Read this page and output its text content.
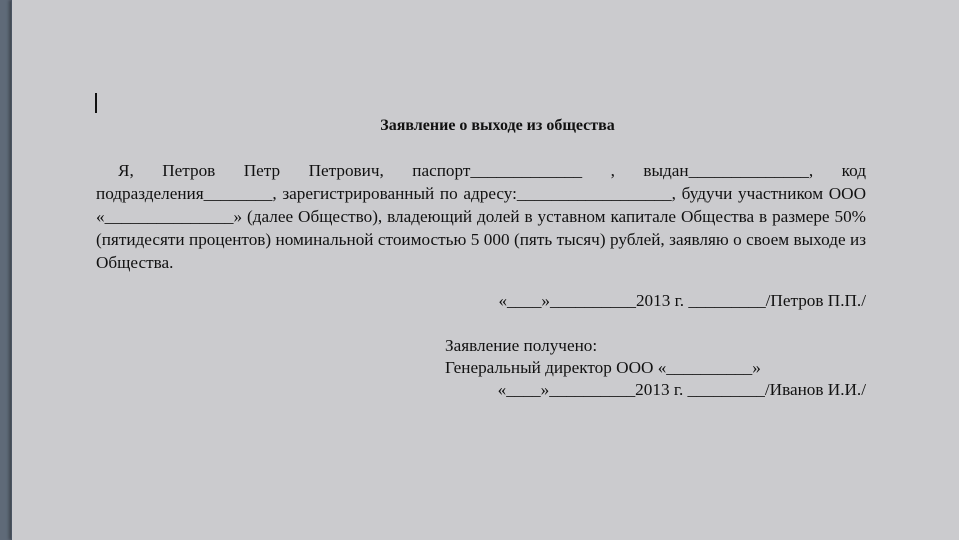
Заявление о выходе из общества
Я, Петров Петр Петрович, паспорт_____________ , выдан______________, код подразделения________, зарегистрированный по адресу:__________________, будучи участником ООО «_______________» (далее Общество), владеющий долей в уставном капитале Общества в размере 50% (пятидесяти процентов) номинальной стоимостью 5 000 (пять тысяч) рублей, заявляю о своем выходе из Общества.
«____»__________2013 г. _________/Петров П.П./
Заявление получено:
Генеральный директор ООО «__________»
«____»__________2013 г. _________/Иванов И.И./
